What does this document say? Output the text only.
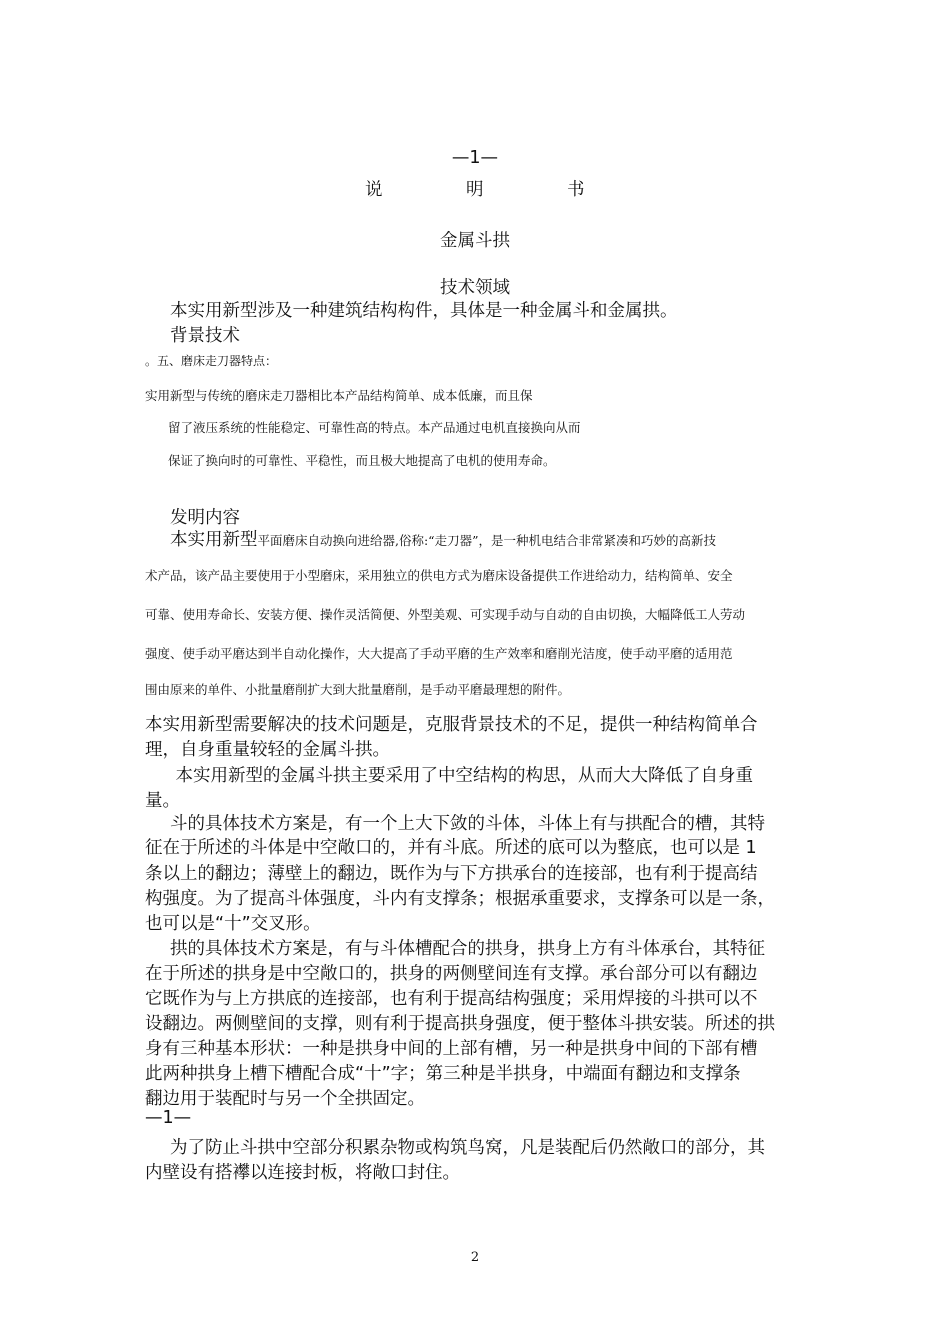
—1—
说	明	书
金属斗拱
技术领域
本实用新型涉及一种建筑结构构件，具体是一种金属斗和金属拱。
背景技术
。五、磨床走刀器特点：
实用新型与传统的磨床走刀器相比本产品结构简单、成本低廉，而且保
留了液压系统的性能稳定、可靠性高的特点。本产品通过电机直接换向从而
保证了换向时的可靠性、平稳性，而且极大地提高了电机的使用寿命。
发明内容
本实用新型平面磨床自动换向进给器,俗称:“走刀器”，是一种机电结合非常紧凑和巧妙的高新技
术产品，该产品主要使用于小型磨床，采用独立的供电方式为磨床设备提供工作进给动力，结构简单、安全
可靠、使用寿命长、安装方便、操作灵活简便、外型美观、可实现手动与自动的自由切换，大幅降低工人劳动
强度、使手动平磨达到半自动化操作，大大提高了手动平磨的生产效率和磨削光洁度，使手动平磨的适用范
围由原来的单件、小批量磨削扩大到大批量磨削，是手动平磨最理想的附件。
本实用新型需要解决的技术问题是，克服背景技术的不足，提供一种结构简单合
理，自身重量较轻的金属斗拱。
　本实用新型的金属斗拱主要采用了中空结构的构思，从而大大降低了自身重
量。
斗的具体技术方案是，有一个上大下敛的斗体，斗体上有与拱配合的槽，其特
征在于所述的斗体是中空敞口的，并有斗底。所述的底可以为整底，也可以是 1
条以上的翻边；薄壁上的翻边，既作为与下方拱承台的连接部，也有利于提高结
构强度。为了提高斗体强度，斗内有支撑条；根据承重要求，支撑条可以是一条，
也可以是“十”交叉形。
拱的具体技术方案是，有与斗体槽配合的拱身，拱身上方有斗体承台，其特征
在于所述的拱身是中空敞口的，拱身的两侧壁间连有支撑。承台部分可以有翻边
它既作为与上方拱底的连接部，也有利于提高结构强度；采用焊接的斗拱可以不
设翻边。两侧壁间的支撑，则有利于提高拱身强度，便于整体斗拱安装。所述的拱
身有三种基本形状：一种是拱身中间的上部有槽，另一种是拱身中间的下部有槽
此两种拱身上槽下槽配合成“十”字；第三种是半拱身，中端面有翻边和支撑条
翻边用于装配时与另一个全拱固定。
—1—
为了防止斗拱中空部分积累杂物或构筑鸟窝，凡是装配后仍然敞口的部分，其
内壁设有搭襻以连接封板，将敞口封住。
2
